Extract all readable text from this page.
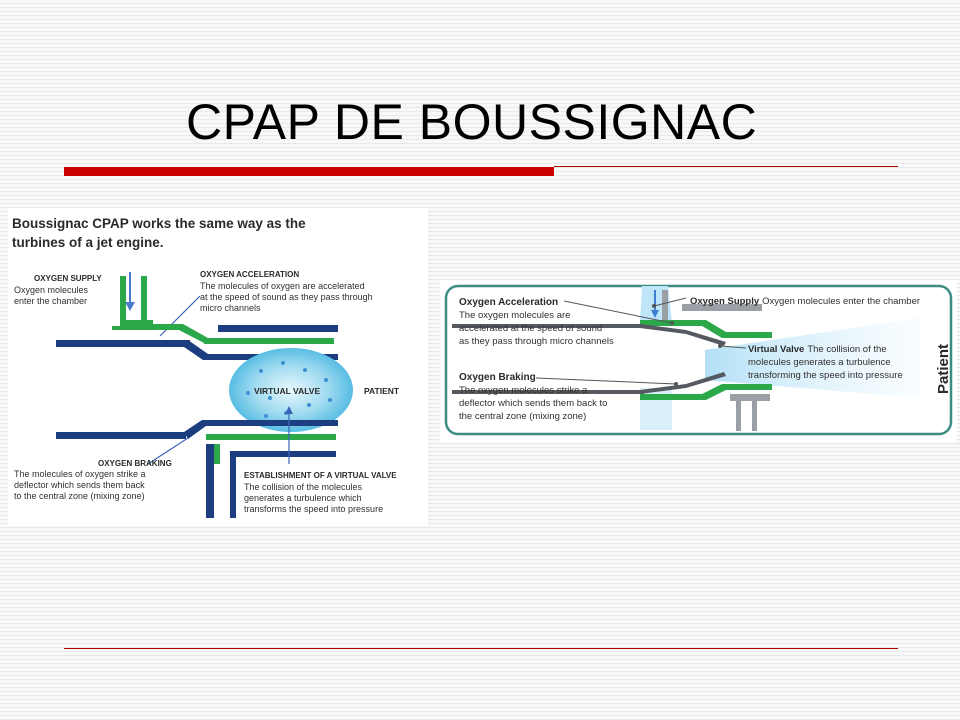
CPAP DE BOUSSIGNAC
Boussignac CPAP works the same way as the
turbines of a jet engine.
OXYGEN SUPPLY
Oxygen molecules
enter the chamber
OXYGEN ACCELERATION
The molecules of oxygen are accelerated
at the speed of sound as they pass through
micro channels
VIRTUAL VALVE	PATIENT
OXYGEN BRAKING
The molecules of oxygen strike a
deflector which sends them back
to the central zone (mixing zone)
ESTABLISHMENT OF A VIRTUAL VALVE
The collision of the molecules
generates a turbulence which
transforms the speed into pressure
Oxygen Acceleration
The oxygen molecules are
accelerated at the speed of sound
as they pass through micro channels
Oxygen Supply Oxygen molecules enter the chamber
Virtual Valve The collision of the
molecules generates a turbulence
transforming the speed into pressure
Oxygen Braking
The oxygen molecules strike a
deflector which sends them back to
the central zone (mixing zone)
Patient
